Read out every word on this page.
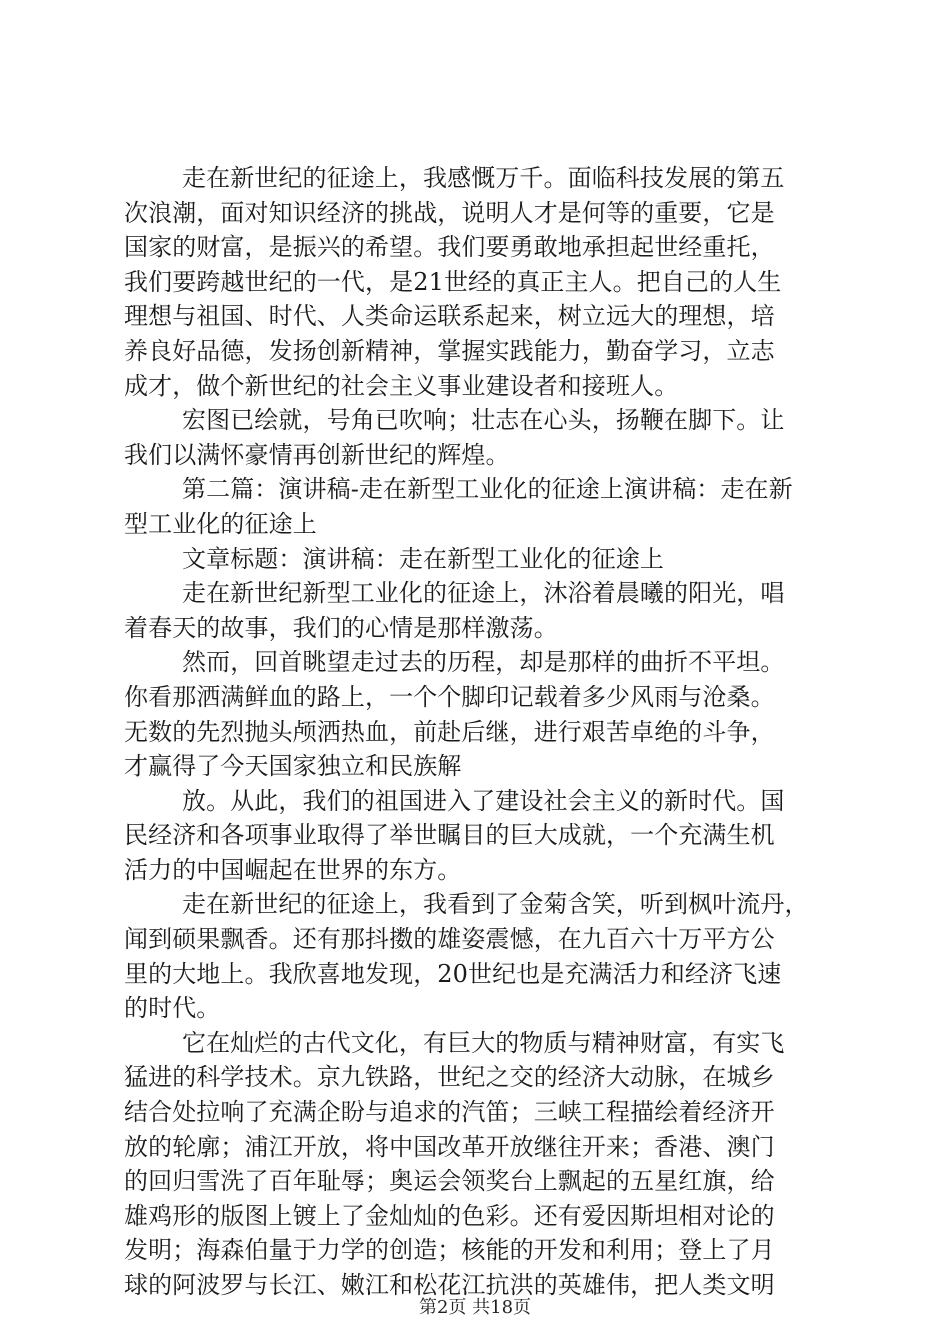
走在新世纪的征途上，我感慨万千。面临科技发展的第五
次浪潮，面对知识经济的挑战，说明人才是何等的重要，它是
国家的财富，是振兴的希望。我们要勇敢地承担起世经重托，
我们要跨越世纪的一代，是21世经的真正主人。把自己的人生
理想与祖国、时代、人类命运联系起来，树立远大的理想，培
养良好品德，发扬创新精神，掌握实践能力，勤奋学习，立志
成才，做个新世纪的社会主义事业建设者和接班人。
宏图已绘就，号角已吹响；壮志在心头，扬鞭在脚下。让
我们以满怀豪情再创新世纪的辉煌。
第二篇：演讲稿-走在新型工业化的征途上演讲稿：走在新
型工业化的征途上
文章标题：演讲稿：走在新型工业化的征途上
走在新世纪新型工业化的征途上，沐浴着晨曦的阳光，唱
着春天的故事，我们的心情是那样激荡。
然而，回首眺望走过去的历程，却是那样的曲折不平坦。
你看那洒满鲜血的路上，一个个脚印记载着多少风雨与沧桑。
无数的先烈抛头颅洒热血，前赴后继，进行艰苦卓绝的斗争，
才赢得了今天国家独立和民族解
放。从此，我们的祖国进入了建设社会主义的新时代。国
民经济和各项事业取得了举世瞩目的巨大成就，一个充满生机
活力的中国崛起在世界的东方。
走在新世纪的征途上，我看到了金菊含笑，听到枫叶流丹，
闻到硕果飘香。还有那抖擞的雄姿震憾，在九百六十万平方公
里的大地上。我欣喜地发现，20世纪也是充满活力和经济飞速
的时代。
它在灿烂的古代文化，有巨大的物质与精神财富，有实飞
猛进的科学技术。京九铁路，世纪之交的经济大动脉，在城乡
结合处拉响了充满企盼与追求的汽笛；三峡工程描绘着经济开
放的轮廓；浦江开放，将中国改革开放继往开来；香港、澳门
的回归雪洗了百年耻辱；奥运会领奖台上飘起的五星红旗，给
雄鸡形的版图上镀上了金灿灿的色彩。还有爱因斯坦相对论的
发明；海森伯量于力学的创造；核能的开发和利用；登上了月
球的阿波罗与长江、嫩江和松花江抗洪的英雄伟，把人类文明
第2页 共18页
